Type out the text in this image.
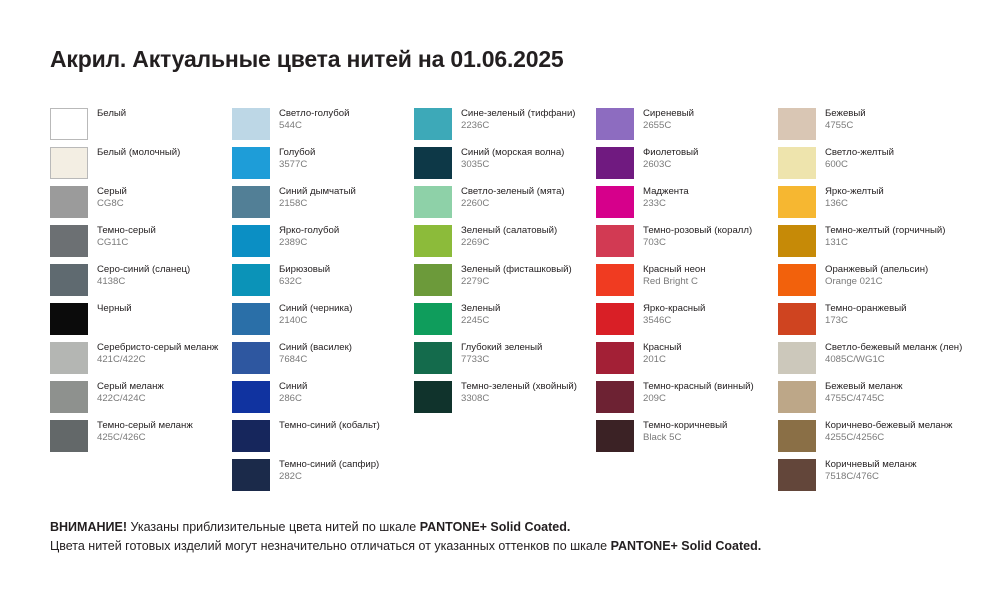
Акрил. Актуальные цвета нитей на 01.06.2025
Белый
Белый (молочный)
Серый
CG8C
Темно-серый
CG11C
Серо-синий (сланец)
4138C
Черный
Серебристо-серый меланж
421C/422C
Серый меланж
422C/424C
Темно-серый меланж
425C/426C
Светло-голубой
544C
Голубой
3577C
Синий дымчатый
2158C
Ярко-голубой
2389C
Бирюзовый
632C
Синий (черника)
2140C
Синий (василек)
7684C
Синий
286C
Темно-синий (кобальт)
Темно-синий (сапфир)
282C
Сине-зеленый (тиффани)
2236C
Синий (морская волна)
3035C
Светло-зеленый (мята)
2260C
Зеленый (салатовый)
2269C
Зеленый (фисташковый)
2279C
Зеленый
2245C
Глубокий зеленый
7733C
Темно-зеленый (хвойный)
3308C
Сиреневый
2655C
Фиолетовый
2603C
Маджента
233C
Темно-розовый (коралл)
703C
Красный неон
Red Bright C
Ярко-красный
3546C
Красный
201C
Темно-красный (винный)
209C
Темно-коричневый
Black 5C
Бежевый
4755C
Светло-желтый
600C
Ярко-желтый
136C
Темно-желтый (горчичный)
131C
Оранжевый (апельсин)
Orange 021C
Темно-оранжевый
173C
Светло-бежевый меланж (лен)
4085C/WG1C
Бежевый меланж
4755C/4745C
Коричнево-бежевый меланж
4255C/4256C
Коричневый меланж
7518C/476C
ВНИМАНИЕ! Указаны приблизительные цвета нитей по шкале PANTONE+ Solid Coated.
Цвета нитей готовых изделий могут незначительно отличаться от указанных оттенков по шкале PANTONE+ Solid Coated.
